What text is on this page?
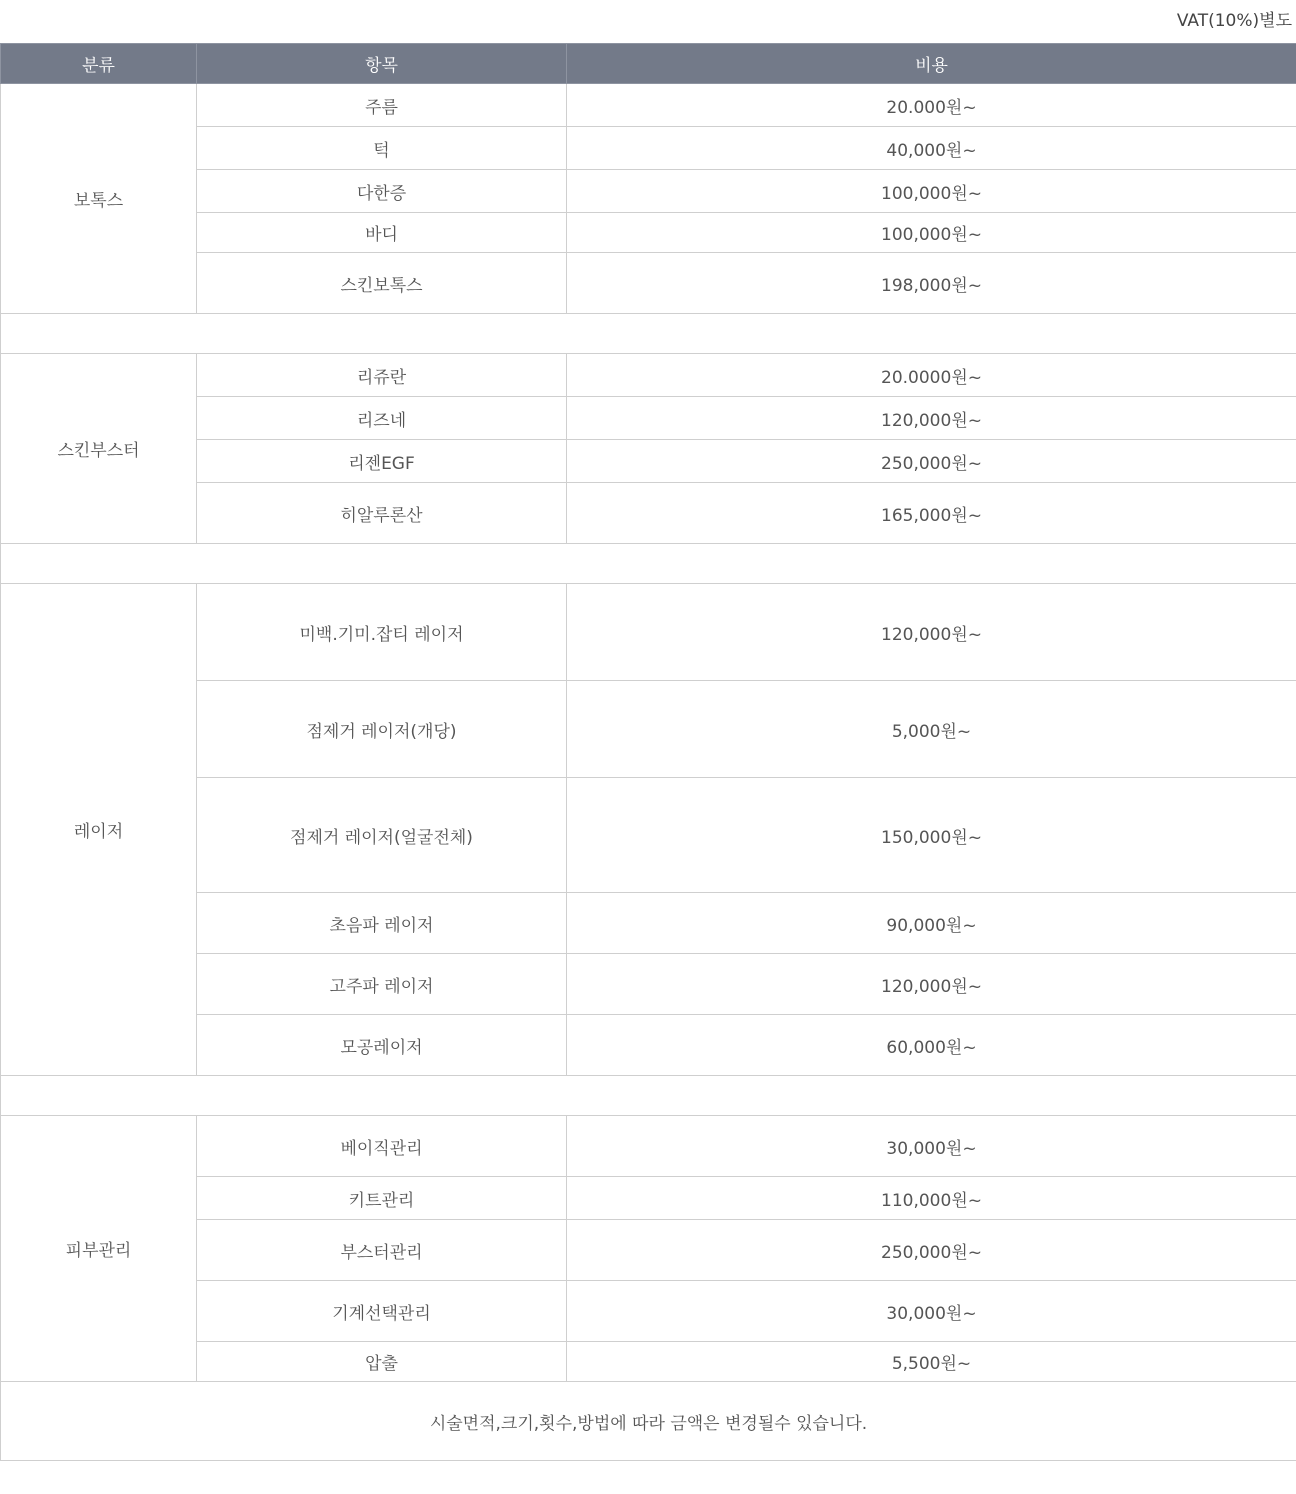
VAT(10%)별도
분류	항목	비용
보톡스	주름	20.000원~
	턱	40,000원~
	다한증	100,000원~
	바디	100,000원~
	스킨보톡스	198,000원~

스킨부스터	리쥬란	20.0000원~
	리즈네	120,000원~
	리젠EGF	250,000원~
	히알루론산	165,000원~

레이저	미백.기미.잡티 레이저	120,000원~
	점제거 레이저(개당)	5,000원~
	점제거 레이저(얼굴전체)	150,000원~
	초음파 레이저	90,000원~
	고주파 레이저	120,000원~
	모공레이저	60,000원~

피부관리	베이직관리	30,000원~
	키트관리	110,000원~
	부스터관리	250,000원~
	기계선택관리	30,000원~
	압출	5,500원~
시술면적,크기,횟수,방법에 따라 금액은 변경될수 있습니다.		
